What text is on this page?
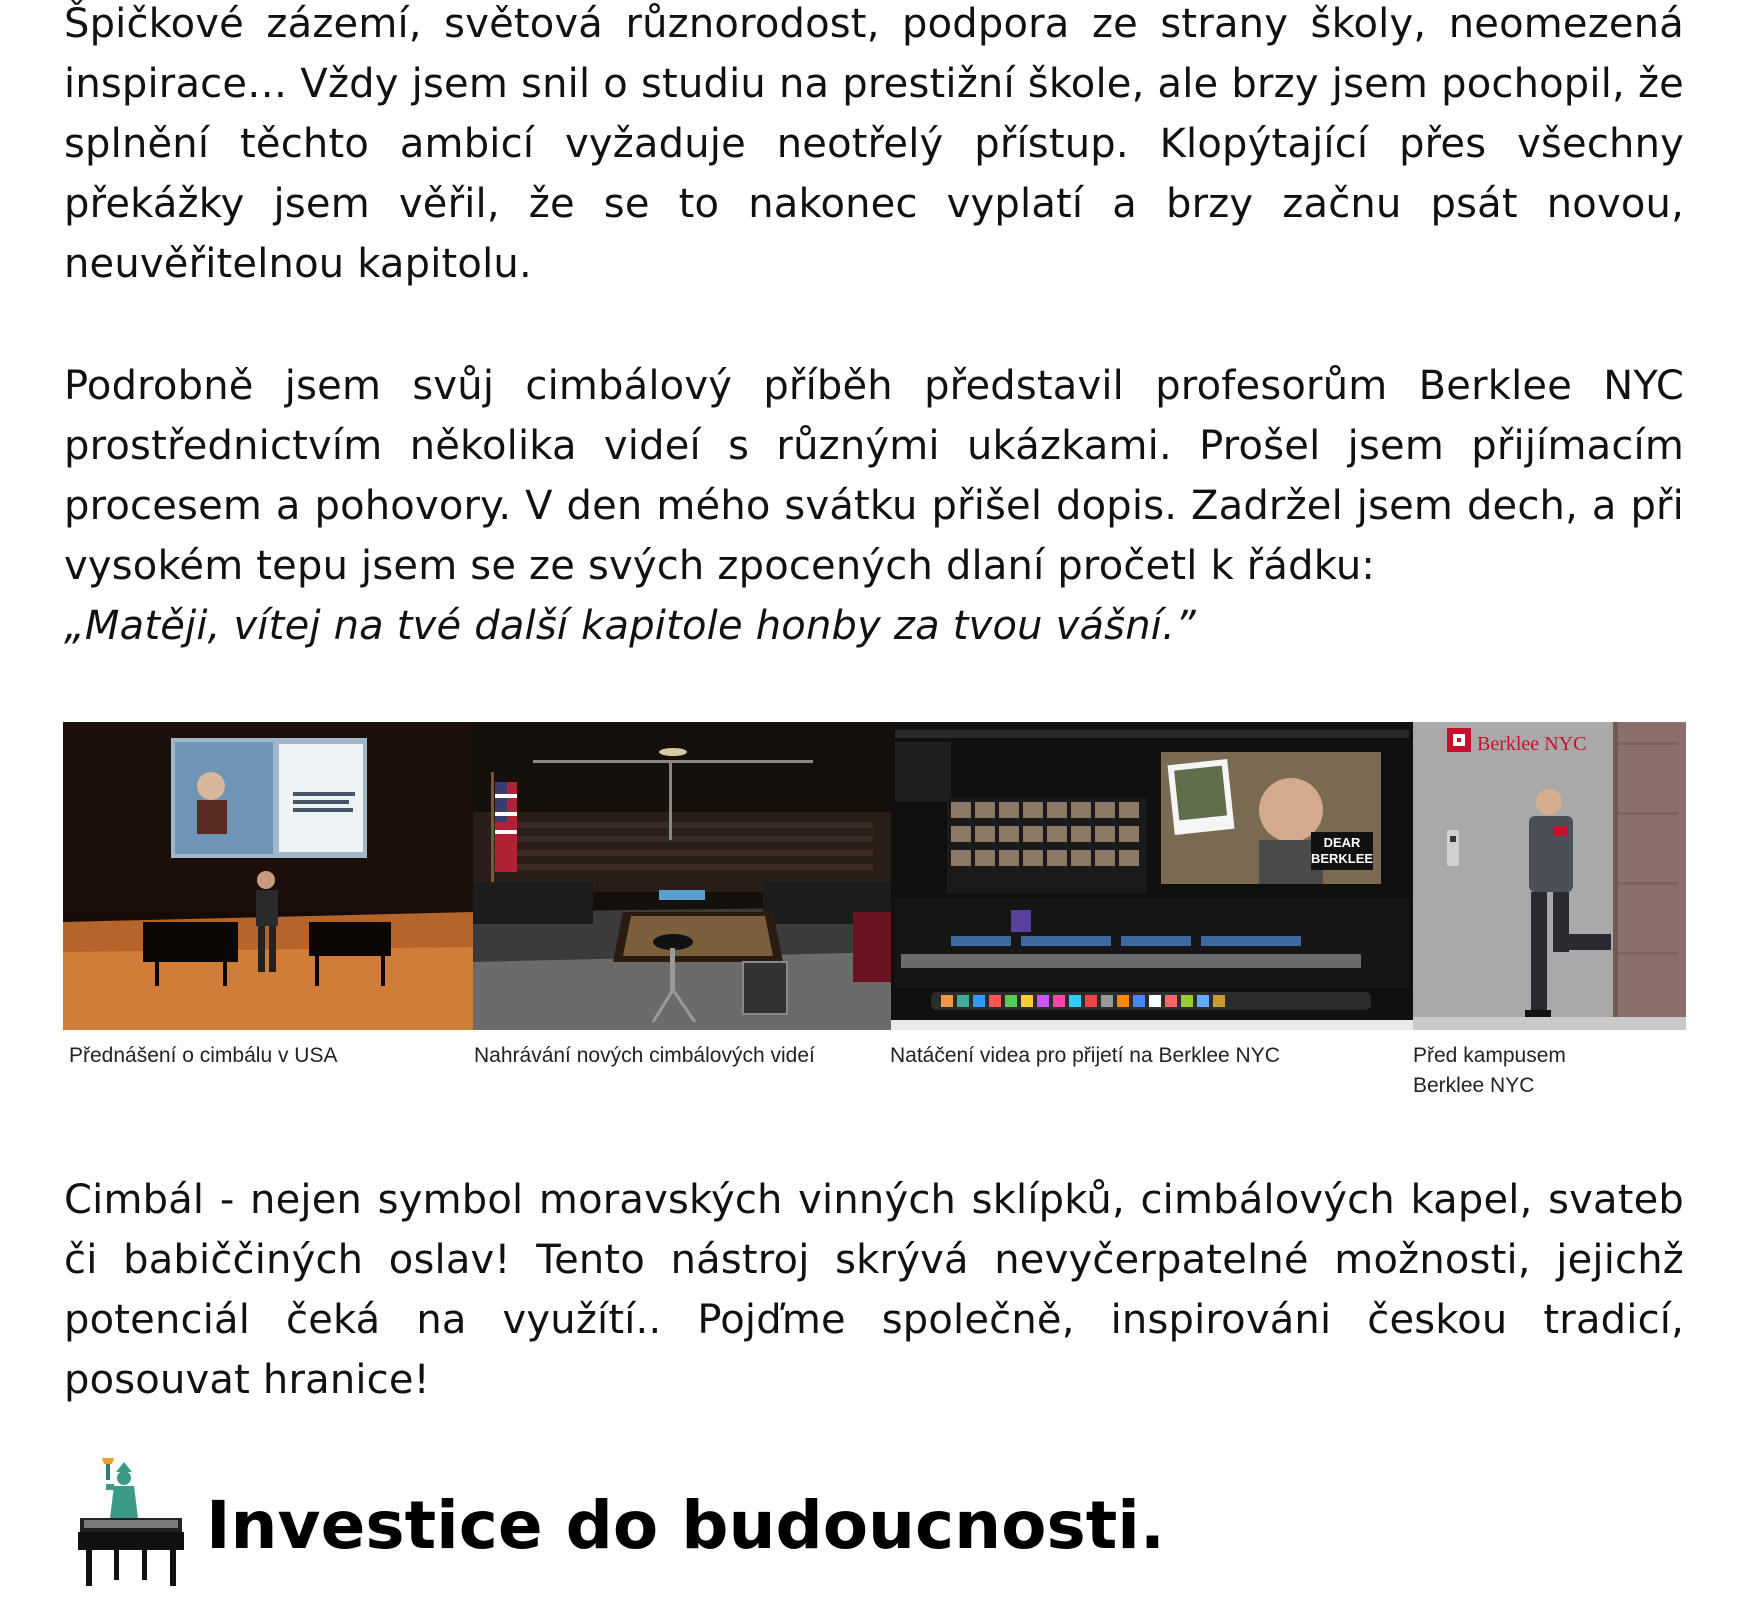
Špičkové zázemí, světová různorodost, podpora ze strany školy, neomezená inspirace… Vždy jsem snil o studiu na prestižní škole, ale brzy jsem pochopil, že splnění těchto ambicí vyžaduje neotřelý přístup. Klopýtající přes všechny překážky jsem věřil, že se to nakonec vyplatí a brzy začnu psát novou, neuvěřitelnou kapitolu.

Podrobně jsem svůj cimbálový příběh představil profesorům Berklee NYC prostřednictvím několika videí s různými ukázkami. Prošel jsem přijímacím procesem a pohovory. V den mého svátku přišel dopis. Zadržel jsem dech, a při vysokém tepu jsem se ze svých zpocených dlaní pročetl k řádku:
„Matěji, vítej na tvé další kapitole honby za tvou vášní.”

DEAR
BERKLEE
Berklee NYC
Přednášení o cimbálu v USA	Nahrávání nových cimbálových videí	Natáčení videa pro přijetí na Berklee NYC	Před kampusem
Berklee NYC

Cimbál - nejen symbol moravských vinných sklípků, cimbálových kapel, svateb či babiččiných oslav! Tento nástroj skrývá nevyčerpatelné možnosti, jejichž potenciál čeká na využítí.. Pojďme společně, inspirováni českou tradicí, posouvat hranice!

Investice do budoucnosti.
